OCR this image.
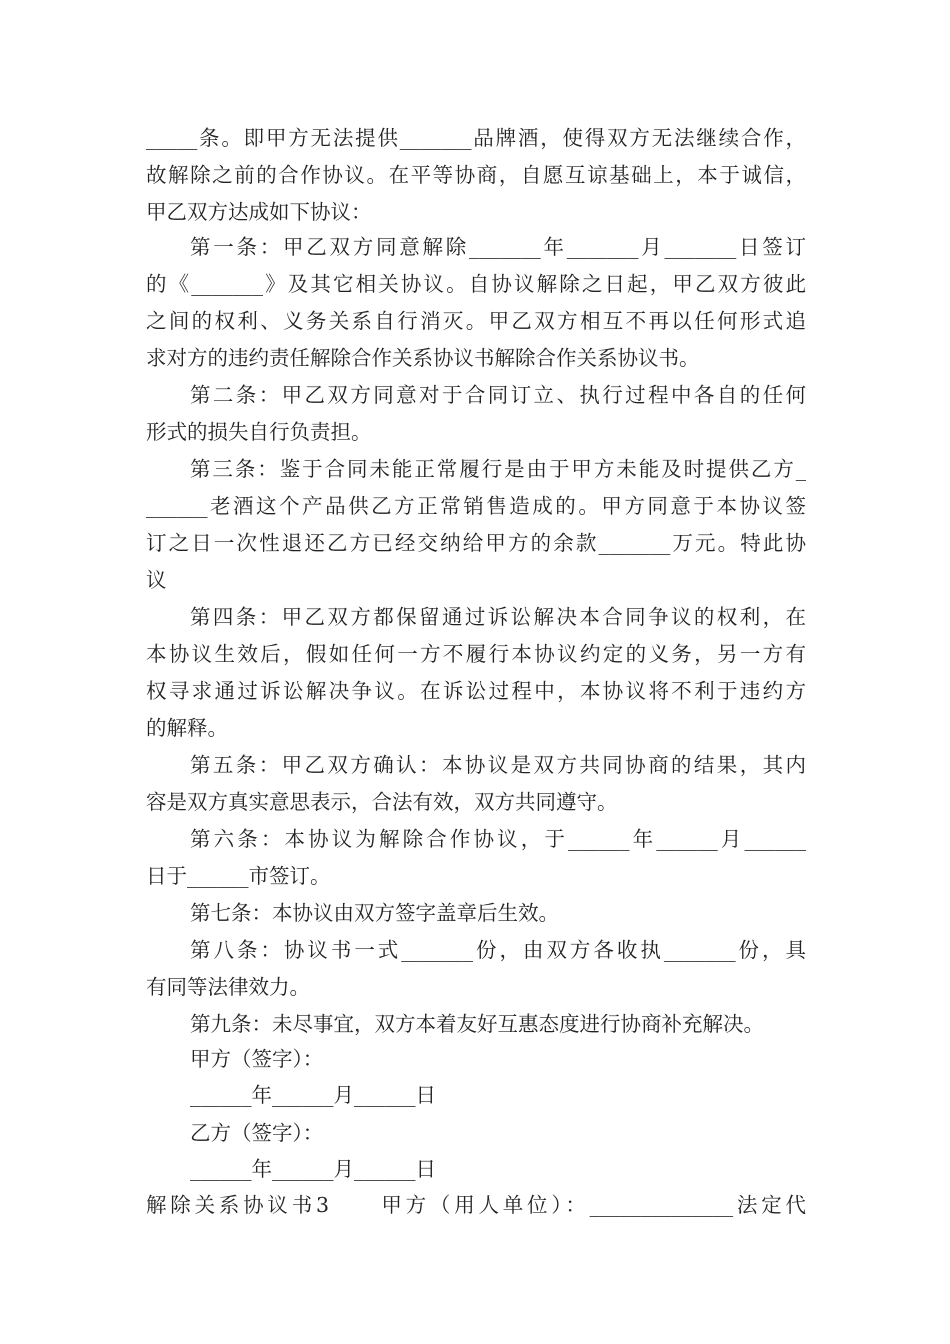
_____条。即甲方无法提供_______品牌酒，使得双方无法继续合作，
故解除之前的合作协议。在平等协商，自愿互谅基础上，本于诚信，
甲乙双方达成如下协议：
第一条：甲乙双方同意解除_______年_______月_______日签订
的《_______》及其它相关协议。自协议解除之日起，甲乙双方彼此
之间的权利、义务关系自行消灭。甲乙双方相互不再以任何形式追
求对方的违约责任解除合作关系协议书解除合作关系协议书。
第二条：甲乙双方同意对于合同订立、执行过程中各自的任何
形式的损失自行负责担。
第三条：鉴于合同未能正常履行是由于甲方未能及时提供乙方_
______老酒这个产品供乙方正常销售造成的。甲方同意于本协议签
订之日一次性退还乙方已经交纳给甲方的余款_______万元。特此协
议
第四条：甲乙双方都保留通过诉讼解决本合同争议的权利，在
本协议生效后，假如任何一方不履行本协议约定的义务，另一方有
权寻求通过诉讼解决争议。在诉讼过程中，本协议将不利于违约方
的解释。
第五条：甲乙双方确认：本协议是双方共同协商的结果，其内
容是双方真实意思表示，合法有效，双方共同遵守。
第六条：本协议为解除合作协议，于______年______月______
日于______市签订。
第七条：本协议由双方签字盖章后生效。
第八条：协议书一式_______份，由双方各收执_______份，具
有同等法律效力。
第九条：未尽事宜，双方本着友好互惠态度进行协商补充解决。
甲方（签字）：
______年______月______日
乙方（签字）：
______年______月______日
解除关系协议书3　　甲方（用人单位）：______________法定代
